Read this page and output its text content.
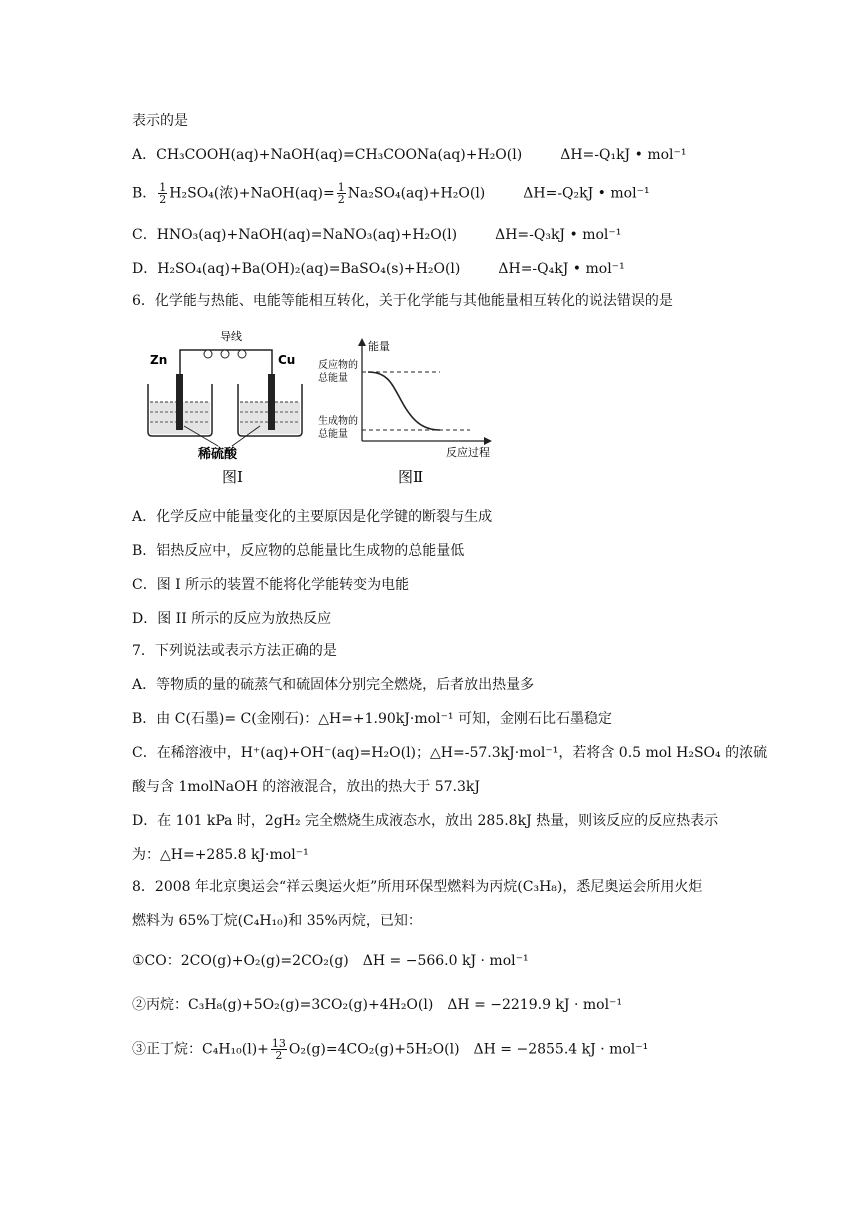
表示的是
A．CH₃COOH(aq)+NaOH(aq)=CH₃COONa(aq)+H₂O(l)	ΔH=-Q₁kJ • mol⁻¹
B． $\frac{1}{2} H_2SO_4$(浓)+NaOH(aq)= $\frac{1}{2} Na_2SO_4(aq)+H_2O(l)$	ΔH=-Q₂kJ • mol⁻¹
C．HNO₃(aq)+NaOH(aq)=NaNO₃(aq)+H₂O(l)	ΔH=-Q₃kJ • mol⁻¹
D．H₂SO₄(aq)+Ba(OH)₂(aq)=BaSO₄(s)+H₂O(l)	ΔH=-Q₄kJ • mol⁻¹
6．化学能与热能、电能等能相互转化，关于化学能与其他能量相互转化的说法错误的是
导线
Zn	Cu
稀硫酸
图Ⅰ
能量
反应过程
反应物的
总能量
生成物的
总能量
图Ⅱ
A．化学反应中能量变化的主要原因是化学键的断裂与生成
B．铝热反应中，反应物的总能量比生成物的总能量低
C．图 I 所示的装置不能将化学能转变为电能
D．图 II 所示的反应为放热反应
7．下列说法或表示方法正确的是
A．等物质的量的硫蒸气和硫固体分别完全燃烧，后者放出热量多
B．由 C(石墨)= C(金刚石)：△H=+1.90kJ·mol⁻¹ 可知，金刚石比石墨稳定
C．在稀溶液中，H⁺(aq)+OH⁻(aq)=H₂O(l)；△H=-57.3kJ·mol⁻¹，若将含 0.5 mol H₂SO₄ 的浓硫
酸与含 1molNaOH 的溶液混合，放出的热大于 57.3kJ
D．在 101 kPa 时，2gH₂ 完全燃烧生成液态水，放出 285.8kJ 热量，则该反应的反应热表示
为：△H=+285.8 kJ·mol⁻¹
8．2008 年北京奥运会“祥云奥运火炬”所用环保型燃料为丙烷(C₃H₈)，悉尼奥运会所用火炬
燃料为 65%丁烷(C₄H₁₀)和 35%丙烷，已知：
①CO：2CO(g)+O₂(g)=2CO₂(g) ΔH = −566.0 kJ · mol⁻¹
②丙烷：C₃H₈(g)+5O₂(g)=3CO₂(g)+4H₂O(l) ΔH = −2219.9 kJ · mol⁻¹
③正丁烷：$C_4H_{10}(l)+ \frac{13}{2} O_2(g)=4CO_2(g)+5H_2O(l) \Delta H = -2855.4$ kJ · mol⁻¹
